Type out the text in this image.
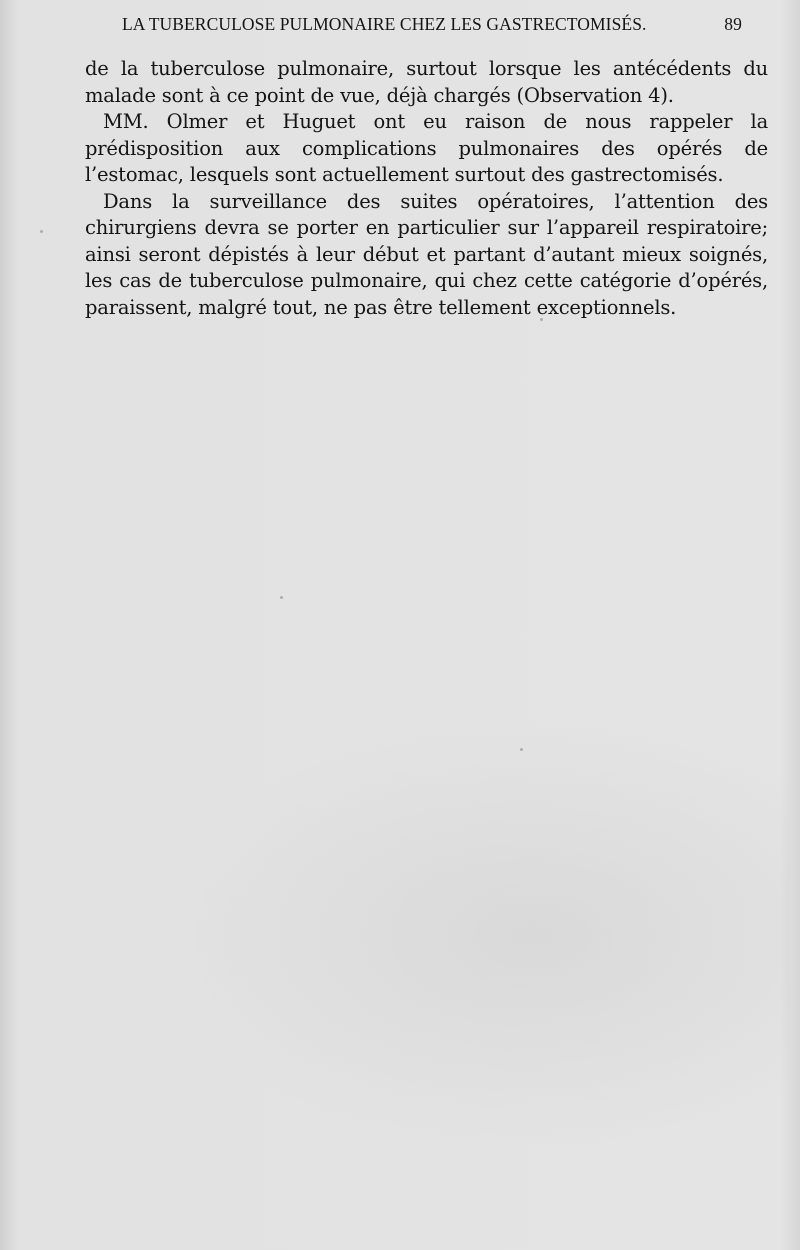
LA TUBERCULOSE PULMONAIRE CHEZ LES GASTRECTOMISÉS.	89

de la tuberculose pulmonaire, surtout lorsque les antécédents du malade sont à ce point de vue, déjà chargés (Observation 4).

MM. Olmer et Huguet ont eu raison de nous rappeler la prédisposition aux complications pulmonaires des opérés de l’estomac, lesquels sont actuellement surtout des gastrectomisés.

Dans la surveillance des suites opératoires, l’attention des chirurgiens devra se porter en particulier sur l’appareil respiratoire; ainsi seront dépistés à leur début et partant d’autant mieux soignés, les cas de tuberculose pulmonaire, qui chez cette catégorie d’opérés, paraissent, malgré tout, ne pas être tellement exceptionnels.
